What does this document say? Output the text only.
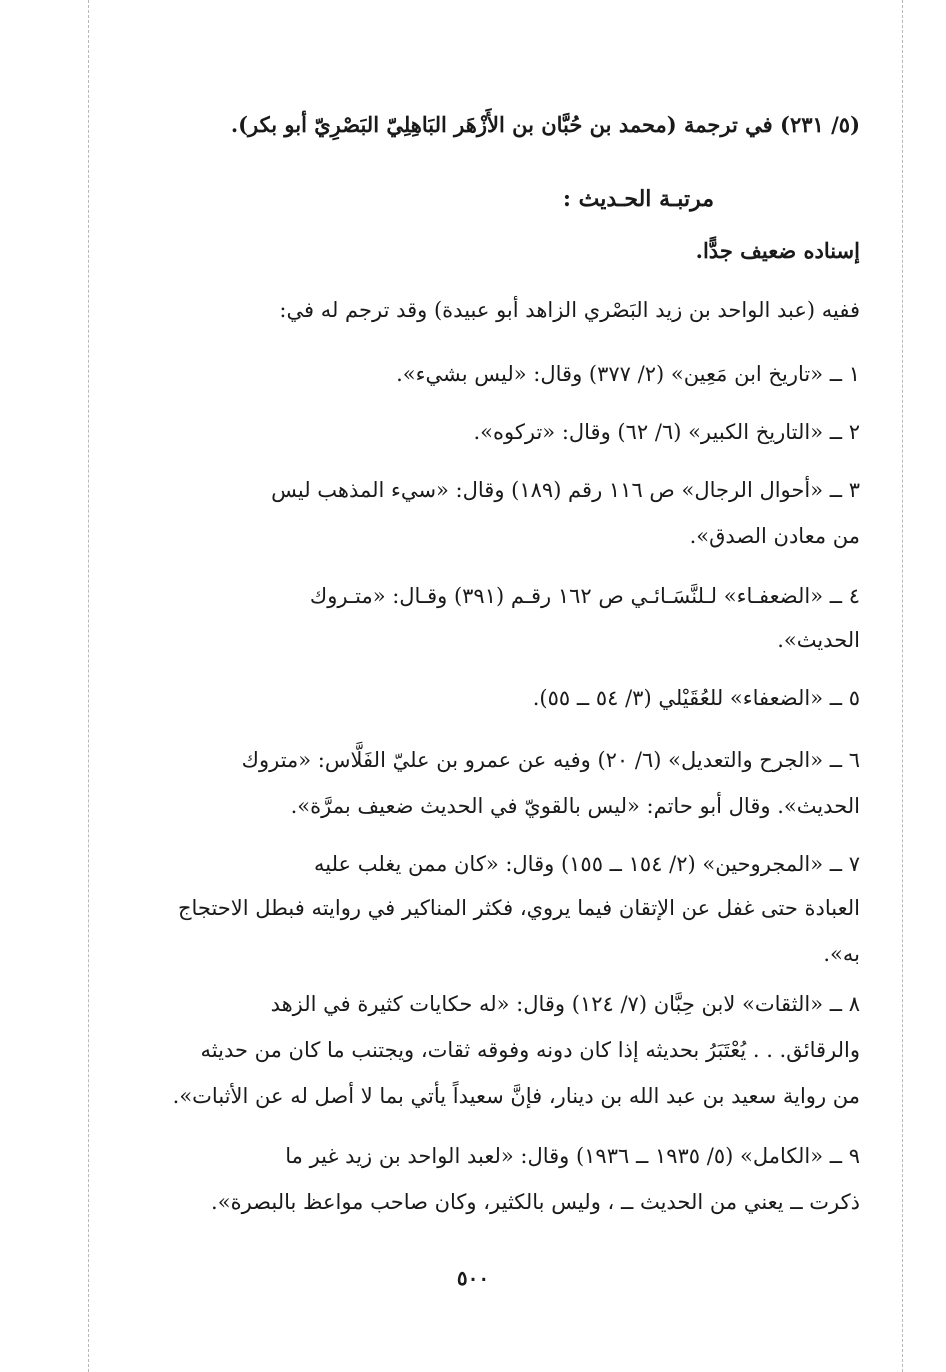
(٥/ ٢٣١) في ترجمة (محمد بن حُبَّان بن الأَزْهَر البَاهِلِيّ البَصْرِيّ أبو بكر).
مرتبـة الحـديث :
إسناده ضعيف جدًّا.
ففيه (عبد الواحد بن زيد البَصْري الزاهد أبو عبيدة) وقد ترجم له في:
١ ــ «تاريخ ابن مَعِين» (٢/ ٣٧٧) وقال: «ليس بشيء».
٢ ــ «التاريخ الكبير» (٦/ ٦٢) وقال: «تركوه».
٣ ــ «أحوال الرجال» ص ١١٦ رقم (١٨٩) وقال: «سيء المذهب ليس
من معادن الصدق».
٤ ــ «الضعفـاء» لـلنَّسَـائـي ص ١٦٢ رقـم (٣٩١) وقـال: «متـروك
الحديث».
٥ ــ «الضعفاء» للعُقَيْلي (٣/ ٥٤ ــ ٥٥).
٦ ــ «الجرح والتعديل» (٦/ ٢٠) وفيه عن عمرو بن عليّ الفَلَّاس: «متروك
الحديث». وقال أبو حاتم: «ليس بالقويّ في الحديث ضعيف بمرَّة».
٧ ــ «المجروحين» (٢/ ١٥٤ ــ ١٥٥) وقال: «كان ممن يغلب عليه
العبادة حتى غفل عن الإتقان فيما يروي، فكثر المناكير في روايته فبطل الاحتجاج
به».
٨ ــ «الثقات» لابن حِبَّان (٧/ ١٢٤) وقال: «له حكايات كثيرة في الزهد
والرقائق. . . يُعْتَبَرُ بحديثه إذا كان دونه وفوقه ثقات، ويجتنب ما كان من حديثه
من رواية سعيد بن عبد الله بن دينار، فإنَّ سعيداً يأتي بما لا أصل له عن الأثبات».
٩ ــ «الكامل» (٥/ ١٩٣٥ ــ ١٩٣٦) وقال: «لعبد الواحد بن زيد غير ما
ذكرت ــ يعني من الحديث ــ ، وليس بالكثير، وكان صاحب مواعظ بالبصرة».
٥٠٠
